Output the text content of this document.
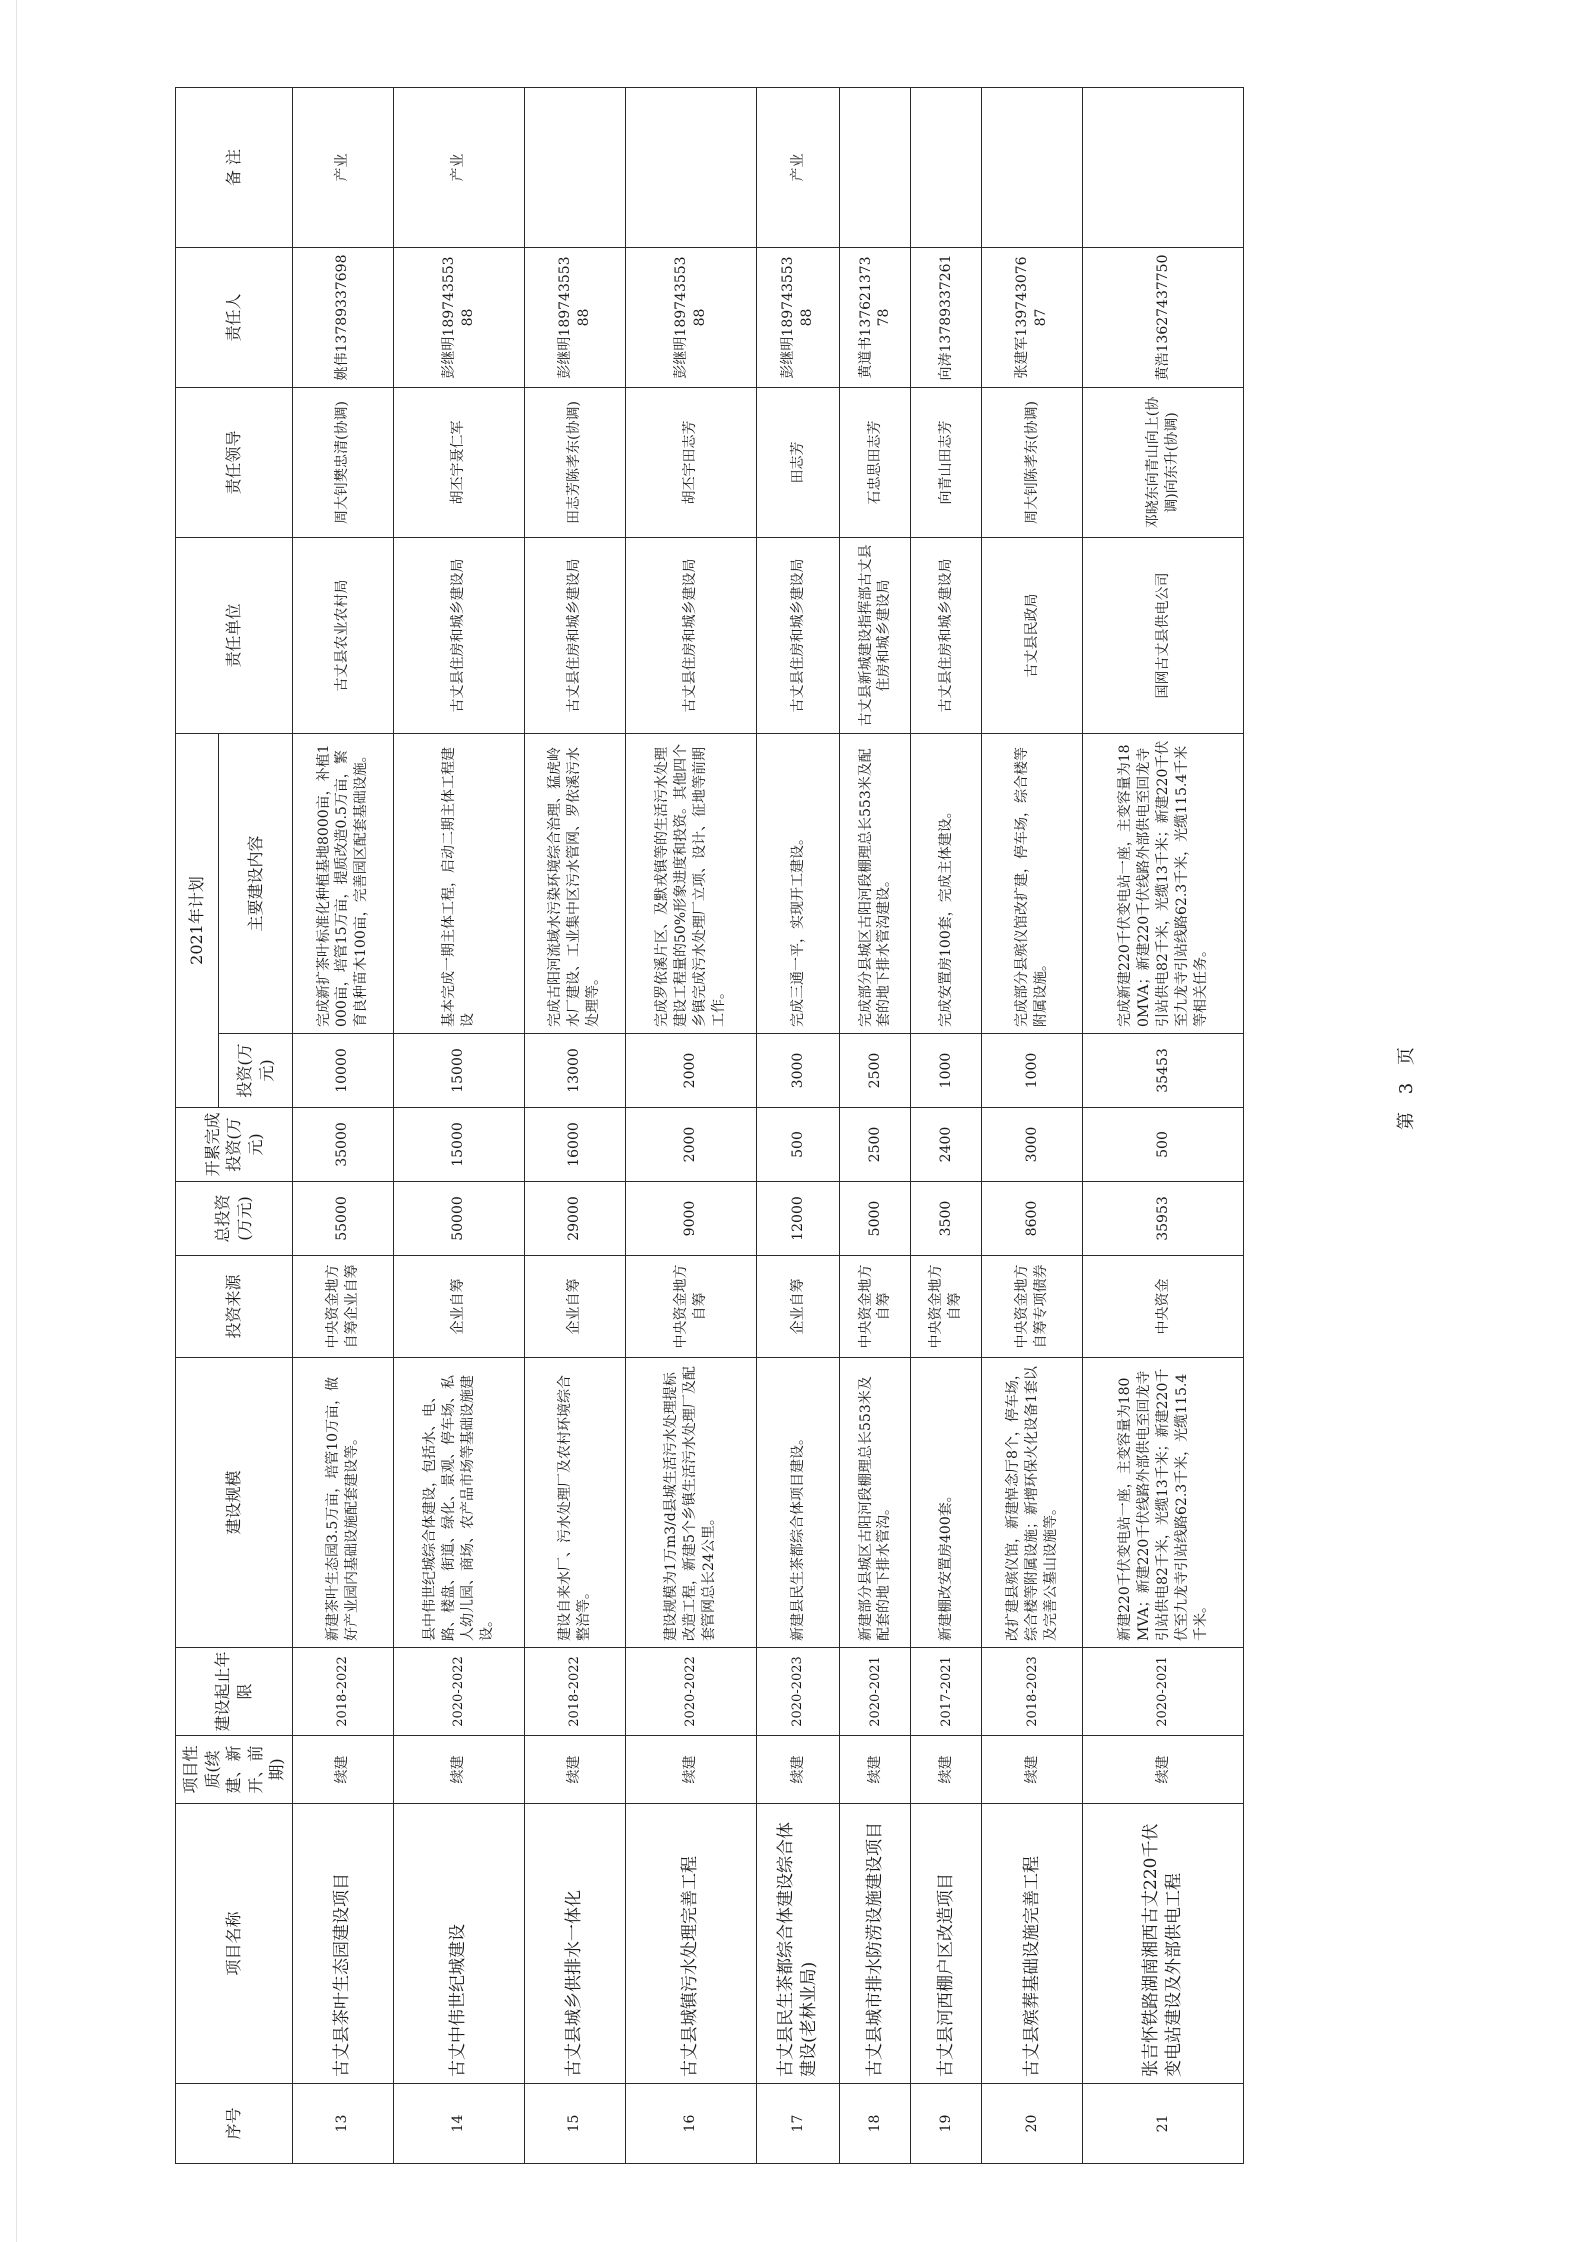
序号	项目名称	项目性质(续建、新开、前期)	建设起止年限	建设规模	投资来源	总投资(万元)	开累完成投资(万元)	2021年计划		责任单位	责任领导	责任人	备 注
								投资(万元)	主要建设内容				
13	古丈县茶叶生态园建设项目	续建	2018-2022	新建茶叶生态园3.5万亩，培管10万亩，做好产业园内基础设施配套建设等。	中央资金地方自筹企业自筹	55000	35000	10000	完成新扩茶叶标准化种植基地8000亩，补植1000亩，培管15万亩，提质改造0.5万亩，繁育良种苗木100亩，完善园区配套基础设施。	古丈县农业农村局	周大钊樊忠清(协调)	姚伟13789337698	产业
14	古丈中伟世纪城建设	续建	2020-2022	县中伟世纪城综合体建设，包括水、电、路、楼盘、街道、绿化、景观、停车场、私人幼儿园、商场、农产品市场等基础设施建设。	企业自筹	50000	15000	15000	基本完成一期主体工程，启动二期主体工程建设	古丈县住房和城乡建设局	胡丕宇聂仁军	彭继明18974355388	产业
15	古丈县城乡供排水一体化	续建	2018-2022	建设自来水厂、污水处理厂及农村环境综合整治等。	企业自筹	29000	16000	13000	完成古阳河流域水污染环境综合治理、猛虎岭水厂建设、工业集中区污水管网、罗依溪污水处理等。	古丈县住房和城乡建设局	田志芳陈孝东(协调)	彭继明18974355388	
16	古丈县城镇污水处理完善工程	续建	2020-2022	建设规模为1万m3/d县城生活污水处理提标改造工程，新建5个乡镇生活污水处理厂及配套管网总长24公里。	中央资金地方自筹	9000	2000	2000	完成罗依溪片区、及默戎镇等的生活污水处理建设工程量的50%形象进度和投资。其他四个乡镇完成污水处理厂立项、设计、征地等前期工作。	古丈县住房和城乡建设局	胡丕宇田志芳	彭继明18974355388	
17	古丈县民生茶都综合体建设综合体建设(老林业局)	续建	2020-2023	新建县民生茶都综合体项目建设。	企业自筹	12000	500	3000	完成三通一平，实现开工建设。	古丈县住房和城乡建设局	田志芳	彭继明18974355388	产业
18	古丈县城市排水防涝设施建设项目	续建	2020-2021	新建部分县城区古阳河段棚理总长553米及配套的地下排水管沟。	中央资金地方自筹	5000	2500	2500	完成部分县城区古阳河段棚理总长553米及配套的地下排水管沟建设。	古丈县新城建设指挥部古丈县住房和城乡建设局	石忠思田志芳	黄道书13762137378	
19	古丈县河西棚户区改造项目	续建	2017-2021	新建棚改安置房400套。	中央资金地方自筹	3500	2400	1000	完成安置房100套，完成主体建设。	古丈县住房和城乡建设局	向青山田志芳	向涛13789337261	
20	古丈县殡葬基础设施完善工程	续建	2018-2023	改扩建县殡仪馆，新建悼念厅8个，停车场，综合楼等附属设施；新增环保火化设备1套以及完善公墓山设施等。	中央资金地方自筹专项债券	8600	3000	1000	完成部分县殡仪馆改扩建，停车场，综合楼等附属设施。	古丈县民政局	周大钊陈孝东(协调)	张建军13974307687	
21	张吉怀铁路湖南湘西古丈220千伏变电站建设及外部供电工程	续建	2020-2021	新建220千伏变电站一座，主变容量为180MVA；新建220千伏线路外部供电至回龙寺引站供电82千米，光缆13千米；新建220千伏至九龙寺引站线路62.3千米，光缆115.4千米。	中央资金	35953	500	35453	完成新建220千伏变电站一座，主变容量为180MVA；新建220千伏线路外部供电至回龙寺引站供电82千米，光缆13千米；新建220千伏至九龙寺引站线路62.3千米，光缆115.4千米等相关任务。	国网古丈县供电公司	邓晓东向青山向上(协调)向东升(协调)	黄浩13627437750	
第 3 页
